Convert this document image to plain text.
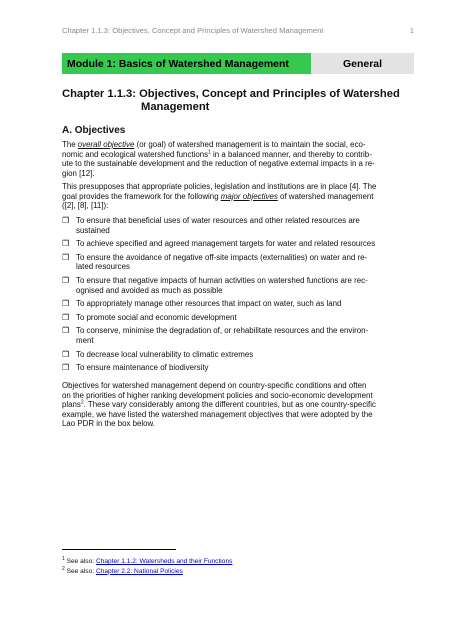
Chapter 1.1.3: Objectives, Concept and Principles of Watershed Management	1
Module 1: Basics of Watershed Management	General
Chapter 1.1.3: Objectives, Concept and Principles of Watershed
Management
A. Objectives
The overall objective (or goal) of watershed management is to maintain the social, eco-
nomic and ecological watershed functions$^1$ in a balanced manner, and thereby to contrib-
ute to the sustainable development and the reduction of negative external impacts in a re-
gion [12].
This presupposes that appropriate policies, legislation and institutions are in place [4]. The
goal provides the framework for the following major objectives of watershed management
([2], [8], [11]):
❐ To ensure that beneficial uses of water resources and other related resources are
sustained
❐ To achieve specified and agreed management targets for water and related resources
❐ To ensure the avoidance of negative off-site impacts (externalities) on water and re-
lated resources
❐ To ensure that negative impacts of human activities on watershed functions are rec-
ognised and avoided as much as possible
❐ To appropriately manage other resources that impact on water, such as land
❐ To promote social and economic development
❐ To conserve, minimise the degradation of, or rehabilitate resources and the environ-
ment
❐ To decrease local vulnerability to climatic extremes
❐ To ensure maintenance of biodiversity
Objectives for watershed management depend on country-specific conditions and often
on the priorities of higher ranking development policies and socio-economic development
plans$^2$. These vary considerably among the different countries, but as one country-specific
example, we have listed the watershed management objectives that were adopted by the
Lao PDR in the box below.
$^1$ See also: Chapter 1.1.2: Watersheds and their Functions
$^2$ See also: Chapter 2.2: National Policies
